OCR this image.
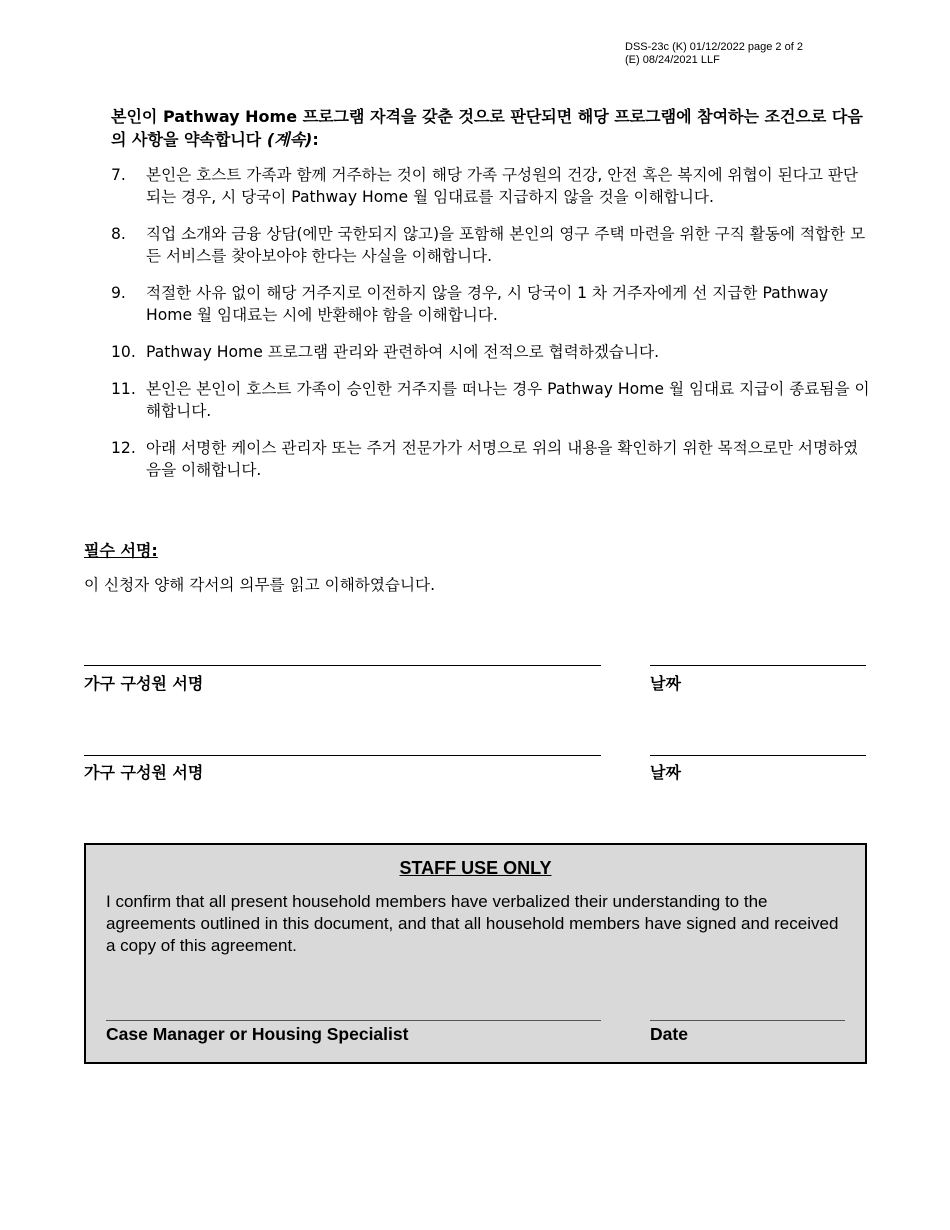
DSS-23c (K) 01/12/2022 page 2 of 2
(E) 08/24/2021 LLF
본인이 Pathway Home 프로그램 자격을 갖춘 것으로 판단되면 해당 프로그램에 참여하는 조건으로 다음의 사항을 약속합니다 (계속):
7.	본인은 호스트 가족과 함께 거주하는 것이 해당 가족 구성원의 건강, 안전 혹은 복지에 위협이 된다고 판단되는 경우, 시 당국이 Pathway Home 월 임대료를 지급하지 않을 것을 이해합니다.
8.	직업 소개와 금융 상담(에만 국한되지 않고)을 포함해 본인의 영구 주택 마련을 위한 구직 활동에 적합한 모든 서비스를 찾아보아야 한다는 사실을 이해합니다.
9.	적절한 사유 없이 해당 거주지로 이전하지 않을 경우, 시 당국이 1 차 거주자에게 선 지급한 Pathway Home 월 임대료는 시에 반환해야 함을 이해합니다.
10. Pathway Home 프로그램 관리와 관련하여 시에 전적으로 협력하겠습니다.
11. 본인은 본인이 호스트 가족이 승인한 거주지를 떠나는 경우 Pathway Home 월 임대료 지급이 종료됨을 이해합니다.
12. 아래 서명한 케이스 관리자 또는 주거 전문가가 서명으로 위의 내용을 확인하기 위한 목적으로만 서명하였음을 이해합니다.
필수 서명:
이 신청자 양해 각서의 의무를 읽고 이해하였습니다.
가구 구성원 서명	날짜
가구 구성원 서명	날짜
STAFF USE ONLY
I confirm that all present household members have verbalized their understanding to the agreements outlined in this document, and that all household members have signed and received a copy of this agreement.
Case Manager or Housing Specialist	Date
